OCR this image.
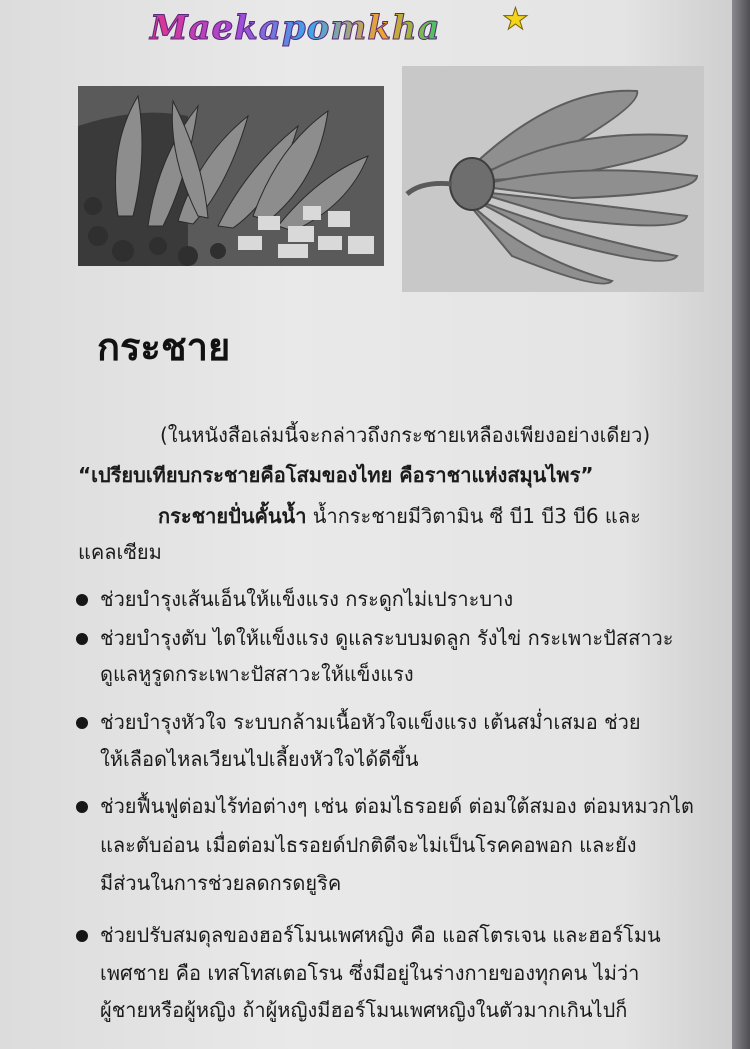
Maekapomkha ★
กระชาย

(ในหนังสือเล่มนี้จะกล่าวถึงกระชายเหลืองเพียงอย่างเดียว)

“เปรียบเทียบกระชายคือโสมของไทย คือราชาแห่งสมุนไพร”

กระชายปั่นคั้นน้ำ น้ำกระชายมีวิตามิน ซี บี1 บี3 บี6 และ

แคลเซียม

ช่วยบำรุงเส้นเอ็นให้แข็งแรง กระดูกไม่เปราะบาง

ช่วยบำรุงตับ ไตให้แข็งแรง ดูแลระบบมดลูก รังไข่ กระเพาะปัสสาวะ

ดูแลหูรูดกระเพาะปัสสาวะให้แข็งแรง

ช่วยบำรุงหัวใจ ระบบกล้ามเนื้อหัวใจแข็งแรง เต้นสม่ำเสมอ ช่วย

ให้เลือดไหลเวียนไปเลี้ยงหัวใจได้ดีขึ้น

ช่วยฟื้นฟูต่อมไร้ท่อต่างๆ เช่น ต่อมไธรอยด์ ต่อมใต้สมอง ต่อมหมวกไต

และตับอ่อน เมื่อต่อมไธรอยด์ปกติดีจะไม่เป็นโรคคอพอก และยัง

มีส่วนในการช่วยลดกรดยูริค

ช่วยปรับสมดุลของฮอร์โมนเพศหญิง คือ แอสโตรเจน และฮอร์โมน

เพศชาย คือ เทสโทสเตอโรน ซึ่งมีอยู่ในร่างกายของทุกคน ไม่ว่า

ผู้ชายหรือผู้หญิง ถ้าผู้หญิงมีฮอร์โมนเพศหญิงในตัวมากเกินไปก็
